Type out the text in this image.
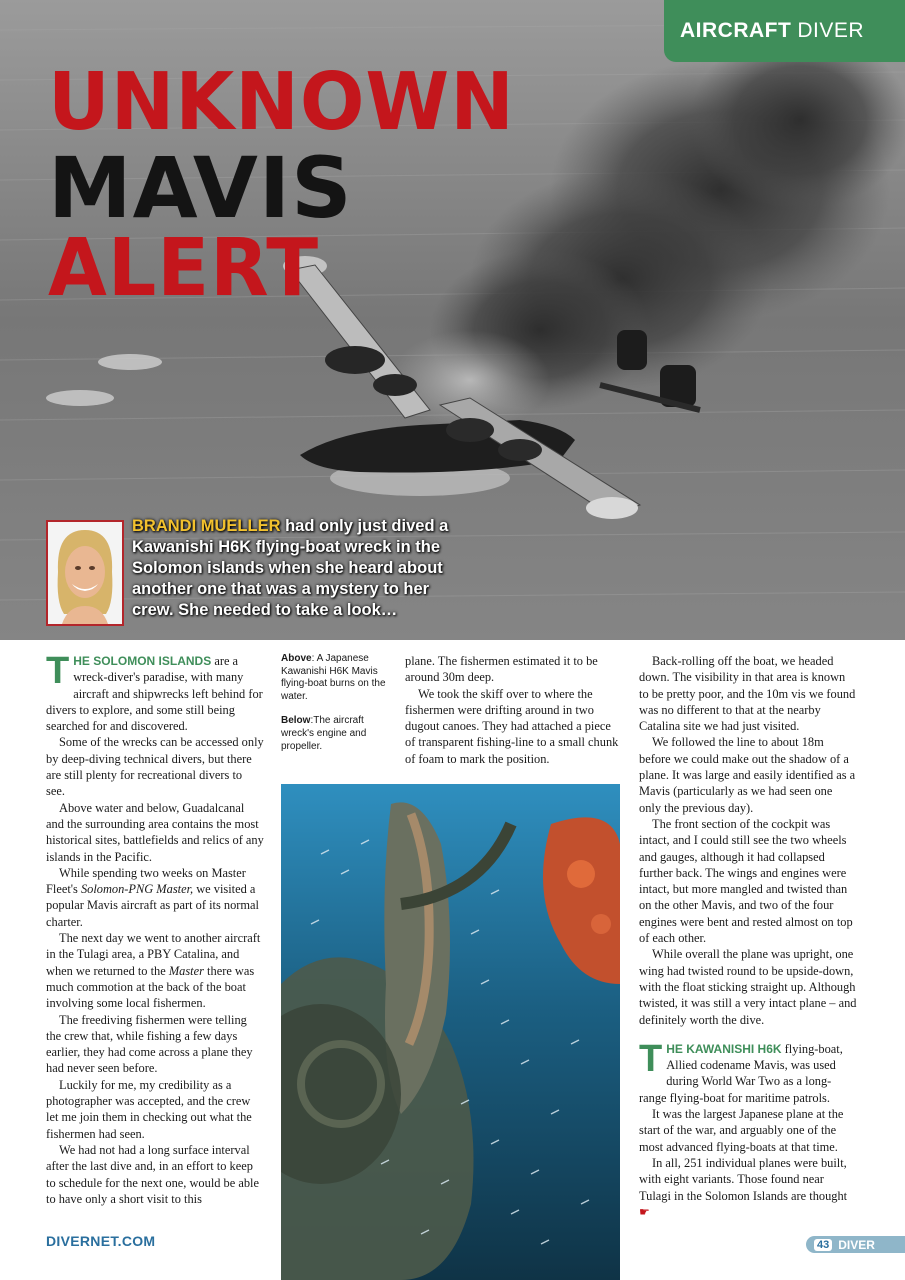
AIRCRAFT DIVER
UNKNOWN
MAVIS
ALERT
BRANDI MUELLER had only just dived a Kawanishi H6K flying-boat wreck in the Solomon islands when she heard about another one that was a mystery to her crew. She needed to take a look…

THE SOLOMON ISLANDS are a wreck-diver's paradise, with many aircraft and shipwrecks left behind for divers to explore, and some still being searched for and discovered.

Some of the wrecks can be accessed only by deep-diving technical divers, but there are still plenty for recreational divers to see.

Above water and below, Guadalcanal and the surrounding area contains the most historical sites, battlefields and relics of any islands in the Pacific.

While spending two weeks on Master Fleet's Solomon-PNG Master, we visited a popular Mavis aircraft as part of its normal charter.

The next day we went to another aircraft in the Tulagi area, a PBY Catalina, and when we returned to the Master there was much commotion at the back of the boat involving some local fishermen.

The freediving fishermen were telling the crew that, while fishing a few days earlier, they had come across a plane they had never seen before.

Luckily for me, my credibility as a photographer was accepted, and the crew let me join them in checking out what the fishermen had seen.

We had not had a long surface interval after the last dive and, in an effort to keep to schedule for the next one, would be able to have only a short visit to this

Above: A Japanese Kawanishi H6K Mavis flying-boat burns on the water.

Below:The aircraft wreck's engine and propeller.

plane. The fishermen estimated it to be around 30m deep.

We took the skiff over to where the fishermen were drifting around in two dugout canoes. They had attached a piece of transparent fishing-line to a small chunk of foam to mark the position.

Back-rolling off the boat, we headed down. The visibility in that area is known to be pretty poor, and the 10m vis we found was no different to that at the nearby Catalina site we had just visited.

We followed the line to about 18m before we could make out the shadow of a plane. It was large and easily identified as a Mavis (particularly as we had seen one only the previous day).

The front section of the cockpit was intact, and I could still see the two wheels and gauges, although it had collapsed further back. The wings and engines were intact, but more mangled and twisted than on the other Mavis, and two of the four engines were bent and rested almost on top of each other.

While overall the plane was upright, one wing had twisted round to be upside-down, with the float sticking straight up. Although twisted, it was still a very intact plane – and definitely worth the dive.

THE KAWANISHI H6K flying-boat, Allied codename Mavis, was used during World War Two as a long-range flying-boat for maritime patrols.

It was the largest Japanese plane at the start of the war, and arguably one of the most advanced flying-boats at that time.

In all, 251 individual planes were built, with eight variants. Those found near Tulagi in the Solomon Islands are thought ☛

DIVERNET.COM	43 DIVER
